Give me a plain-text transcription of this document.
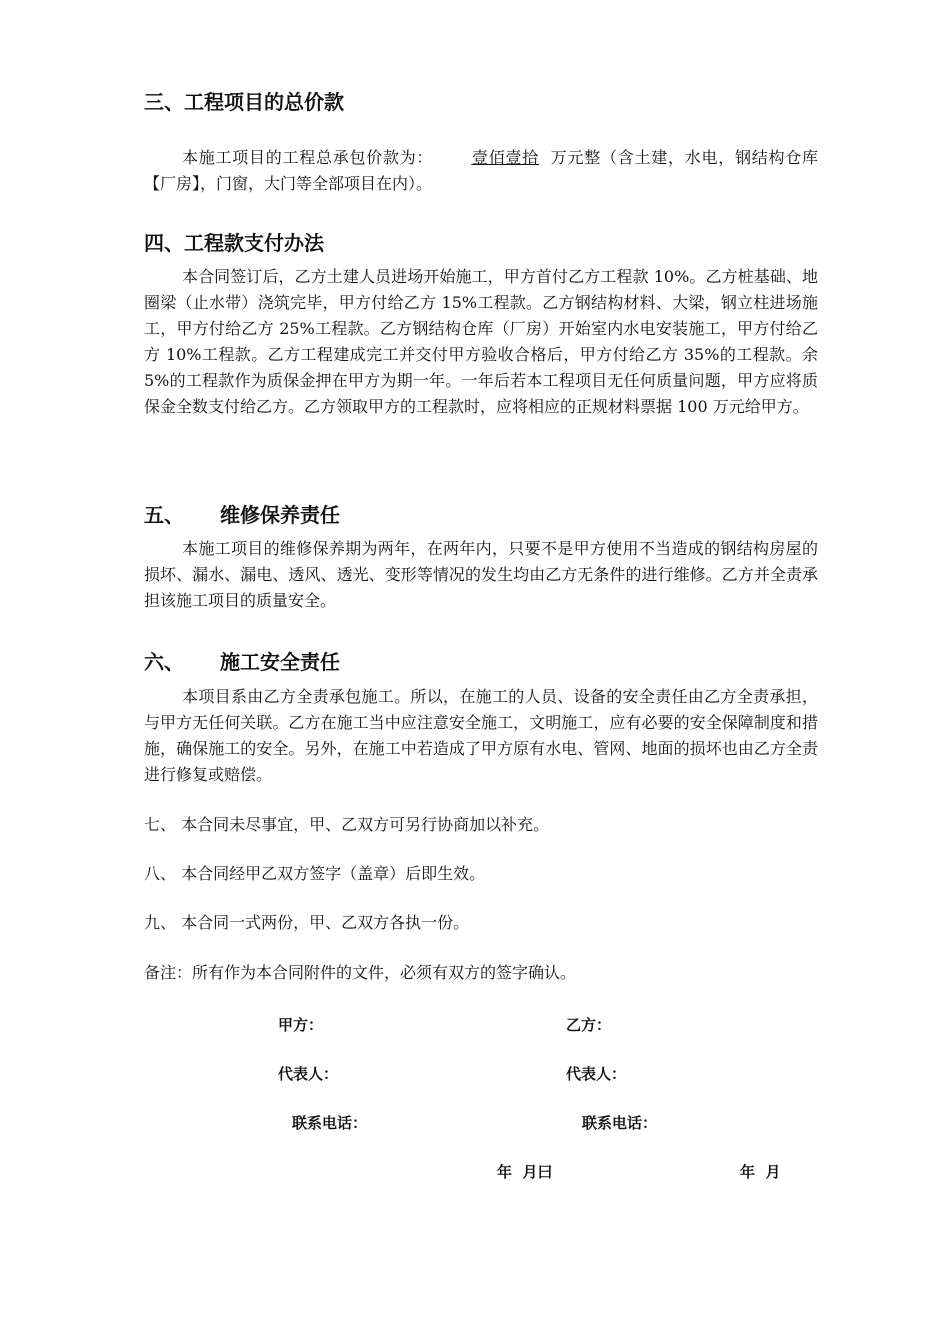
三、工程项目的总价款

本施工项目的工程总承包价款为： 壹佰壹拾 万元整（含土建，水电，钢结构仓库【厂房】，门窗，大门等全部项目在内）。

四、工程款支付办法

本合同签订后，乙方土建人员进场开始施工，甲方首付乙方工程款 10%。乙方桩基础、地圈梁（止水带）浇筑完毕，甲方付给乙方 15%工程款。乙方钢结构材料、大梁，钢立柱进场施工，甲方付给乙方 25%工程款。乙方钢结构仓库（厂房）开始室内水电安装施工，甲方付给乙方 10%工程款。乙方工程建成完工并交付甲方验收合格后，甲方付给乙方 35%的工程款。余 5%的工程款作为质保金押在甲方为期一年。一年后若本工程项目无任何质量问题，甲方应将质保金全数支付给乙方。乙方领取甲方的工程款时，应将相应的正规材料票据 100 万元给甲方。

五、 维修保养责任

本施工项目的维修保养期为两年，在两年内，只要不是甲方使用不当造成的钢结构房屋的损坏、漏水、漏电、透风、透光、变形等情况的发生均由乙方无条件的进行维修。乙方并全责承担该施工项目的质量安全。

六、 施工安全责任

本项目系由乙方全责承包施工。所以，在施工的人员、设备的安全责任由乙方全责承担，与甲方无任何关联。乙方在施工当中应注意安全施工，文明施工，应有必要的安全保障制度和措施，确保施工的安全。另外，在施工中若造成了甲方原有水电、管网、地面的损坏也由乙方全责进行修复或赔偿。

七、 本合同未尽事宜，甲、乙双方可另行协商加以补充。
八、 本合同经甲乙双方签字（盖章）后即生效。
九、 本合同一式两份，甲、乙双方各执一份。
备注：所有作为本合同附件的文件，必须有双方的签字确认。
甲方：	乙方：
代表人：	代表人：
联系电话：	联系电话：
年  月曰	年  月
